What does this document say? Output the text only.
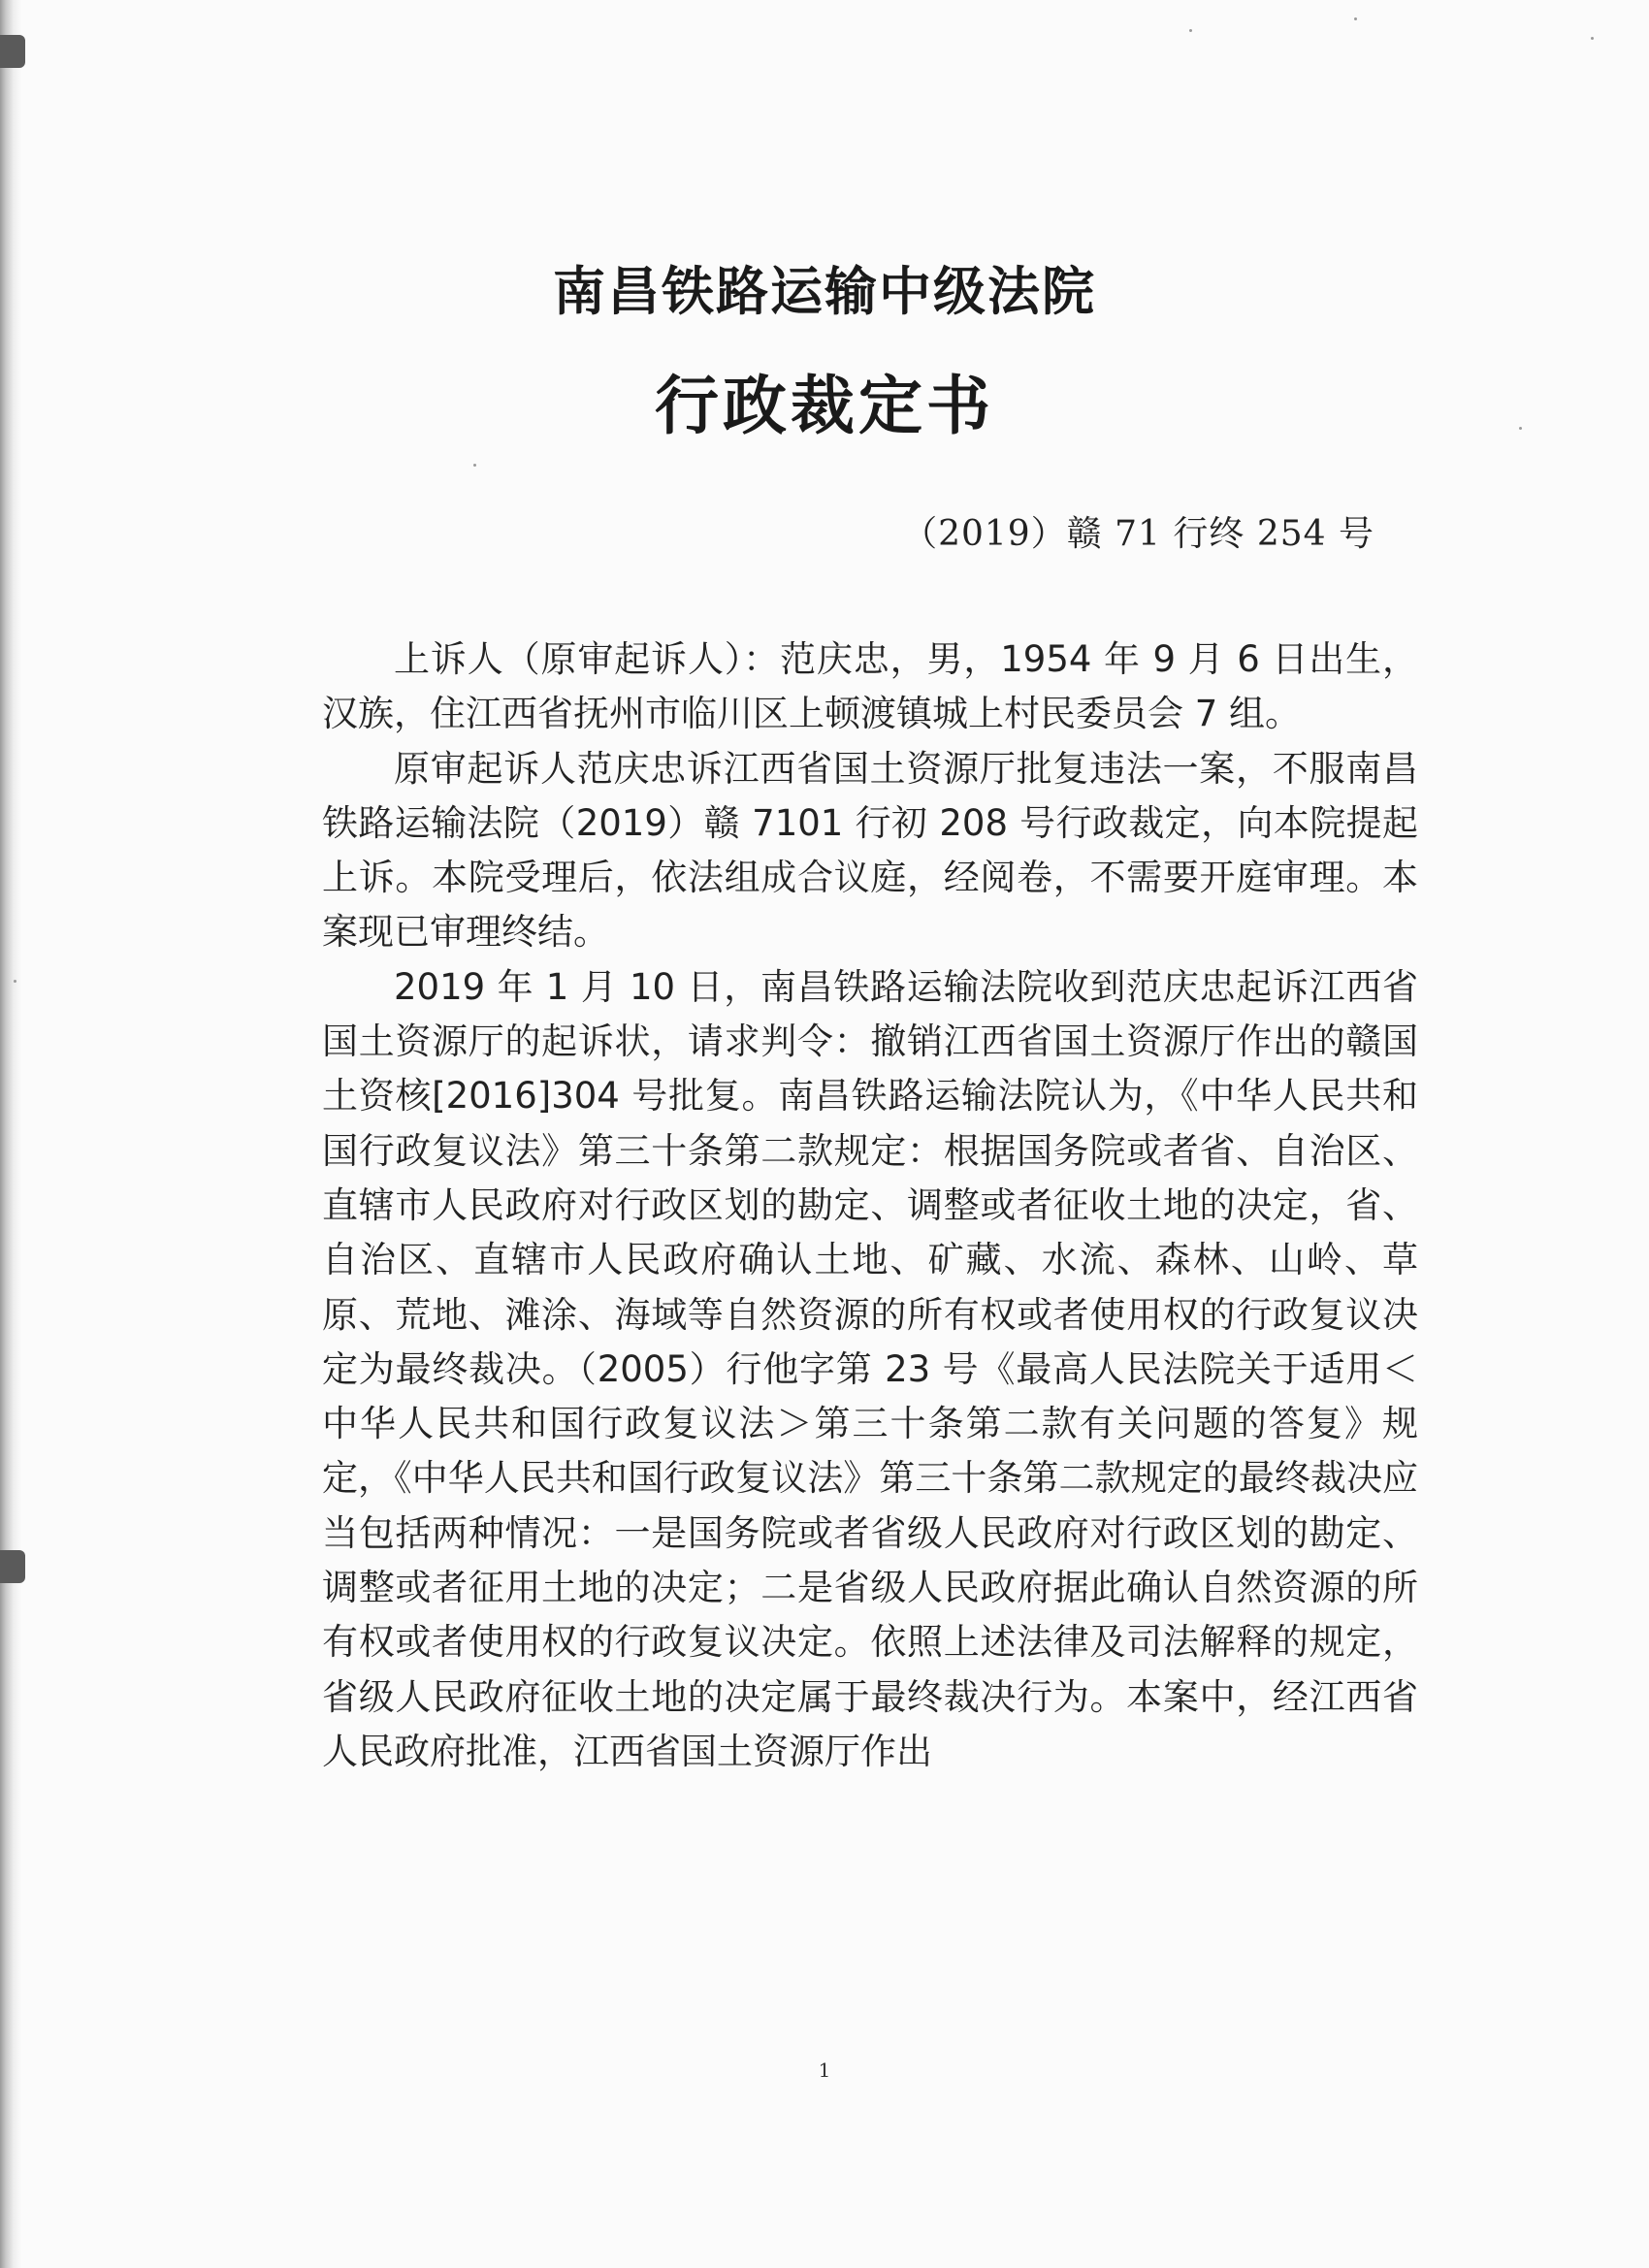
南昌铁路运输中级法院
行政裁定书
（2019）赣 71 行终 254 号

上诉人（原审起诉人）：范庆忠，男，1954 年 9 月 6 日出生，汉族，住江西省抚州市临川区上顿渡镇城上村民委员会 7 组。

原审起诉人范庆忠诉江西省国土资源厅批复违法一案，不服南昌铁路运输法院（2019）赣 7101 行初 208 号行政裁定，向本院提起上诉。本院受理后，依法组成合议庭，经阅卷，不需要开庭审理。本案现已审理终结。

2019 年 1 月 10 日，南昌铁路运输法院收到范庆忠起诉江西省国土资源厅的起诉状，请求判令：撤销江西省国土资源厅作出的赣国土资核[2016]304 号批复。南昌铁路运输法院认为，《中华人民共和国行政复议法》第三十条第二款规定：根据国务院或者省、自治区、直辖市人民政府对行政区划的勘定、调整或者征收土地的决定，省、自治区、直辖市人民政府确认土地、矿藏、水流、森林、山岭、草原、荒地、滩涂、海域等自然资源的所有权或者使用权的行政复议决定为最终裁决。（2005）行他字第 23 号《最高人民法院关于适用＜中华人民共和国行政复议法＞第三十条第二款有关问题的答复》规定，《中华人民共和国行政复议法》第三十条第二款规定的最终裁决应当包括两种情况：一是国务院或者省级人民政府对行政区划的勘定、调整或者征用土地的决定；二是省级人民政府据此确认自然资源的所有权或者使用权的行政复议决定。依照上述法律及司法解释的规定，省级人民政府征收土地的决定属于最终裁决行为。本案中，经江西省人民政府批准，江西省国土资源厅作出

1
